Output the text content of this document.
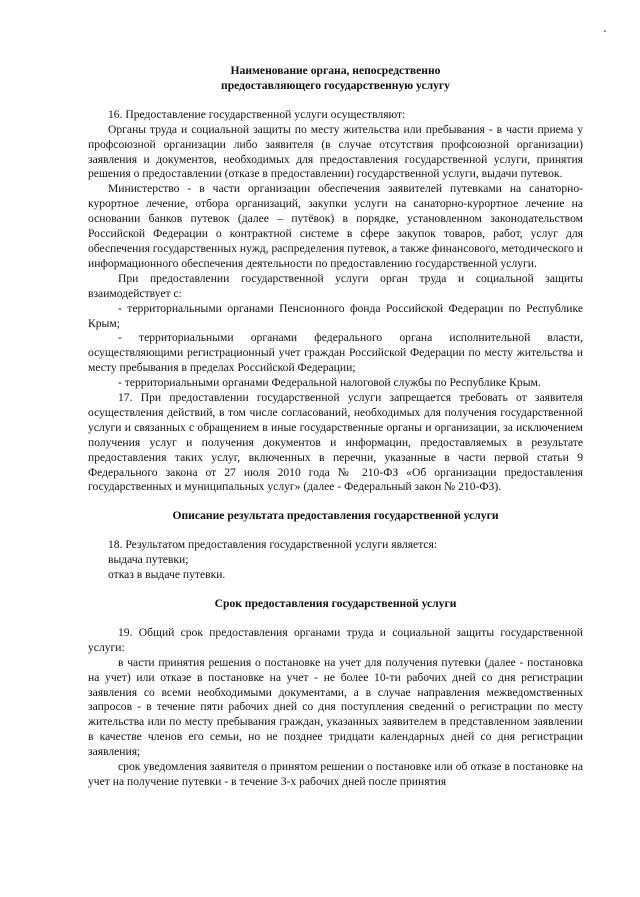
Наименование органа, непосредственно
предоставляющего государственную услугу

16. Предоставление государственной услуги осуществляют:

Органы труда и социальной защиты по месту жительства или пребывания - в части приема у профсоюзной организации либо заявителя (в случае отсутствия профсоюзной организации) заявления и документов, необходимых для предоставления государственной услуги, принятия решения о предоставлении (отказе в предоставлении) государственной услуги, выдачи путевок.

Министерство - в части организации обеспечения заявителей путевками на санаторно-курортное лечение, отбора организаций, закупки услуги на санаторно-курортное лечение на основании банков путевок (далее – путёвок) в порядке, установленном законодательством Российской Федерации о контрактной системе в сфере закупок товаров, работ, услуг для обеспечения государственных нужд, распределения путевок, а также финансового, методического и информационного обеспечения деятельности по предоставлению государственной услуги.

При предоставлении государственной услуги орган труда и социальной защиты взаимодействует с:

- территориальными органами Пенсионного фонда Российской Федерации по Республике Крым;

- территориальными органами федерального органа исполнительной власти, осуществляющими регистрационный учет граждан Российской Федерации по месту жительства и месту пребывания в пределах Российской Федерации;

- территориальными органами Федеральной налоговой службы по Республике Крым.

17. При предоставлении государственной услуги запрещается требовать от заявителя осуществления действий, в том числе согласований, необходимых для получения государственной услуги и связанных с обращением в иные государственные органы и организации, за исключением получения услуг и получения документов и информации, предоставляемых в результате предоставления таких услуг, включенных в перечни, указанные в части первой статьи 9 Федерального закона от 27 июля 2010 года № 210-ФЗ «Об организации предоставления государственных и муниципальных услуг» (далее - Федеральный закон № 210-ФЗ).

Описание результата предоставления государственной услуги

18. Результатом предоставления государственной услуги является:

выдача путевки;

отказ в выдаче путевки.

Срок предоставления государственной услуги

19. Общий срок предоставления органами труда и социальной защиты государственной услуги:

в части принятия решения о постановке на учет для получения путевки (далее - постановка на учет) или отказе в постановке на учет - не более 10-ти рабочих дней со дня регистрации заявления со всеми необходимыми документами, а в случае направления межведомственных запросов - в течение пяти рабочих дней со дня поступления сведений о регистрации по месту жительства или по месту пребывания граждан, указанных заявителем в представленном заявлении в качестве членов его семьи, но не позднее тридцати календарных дней со дня регистрации заявления;

срок уведомления заявителя о принятом решении о постановке или об отказе в постановке на учет на получение путевки - в течение 3-х рабочих дней после принятия
